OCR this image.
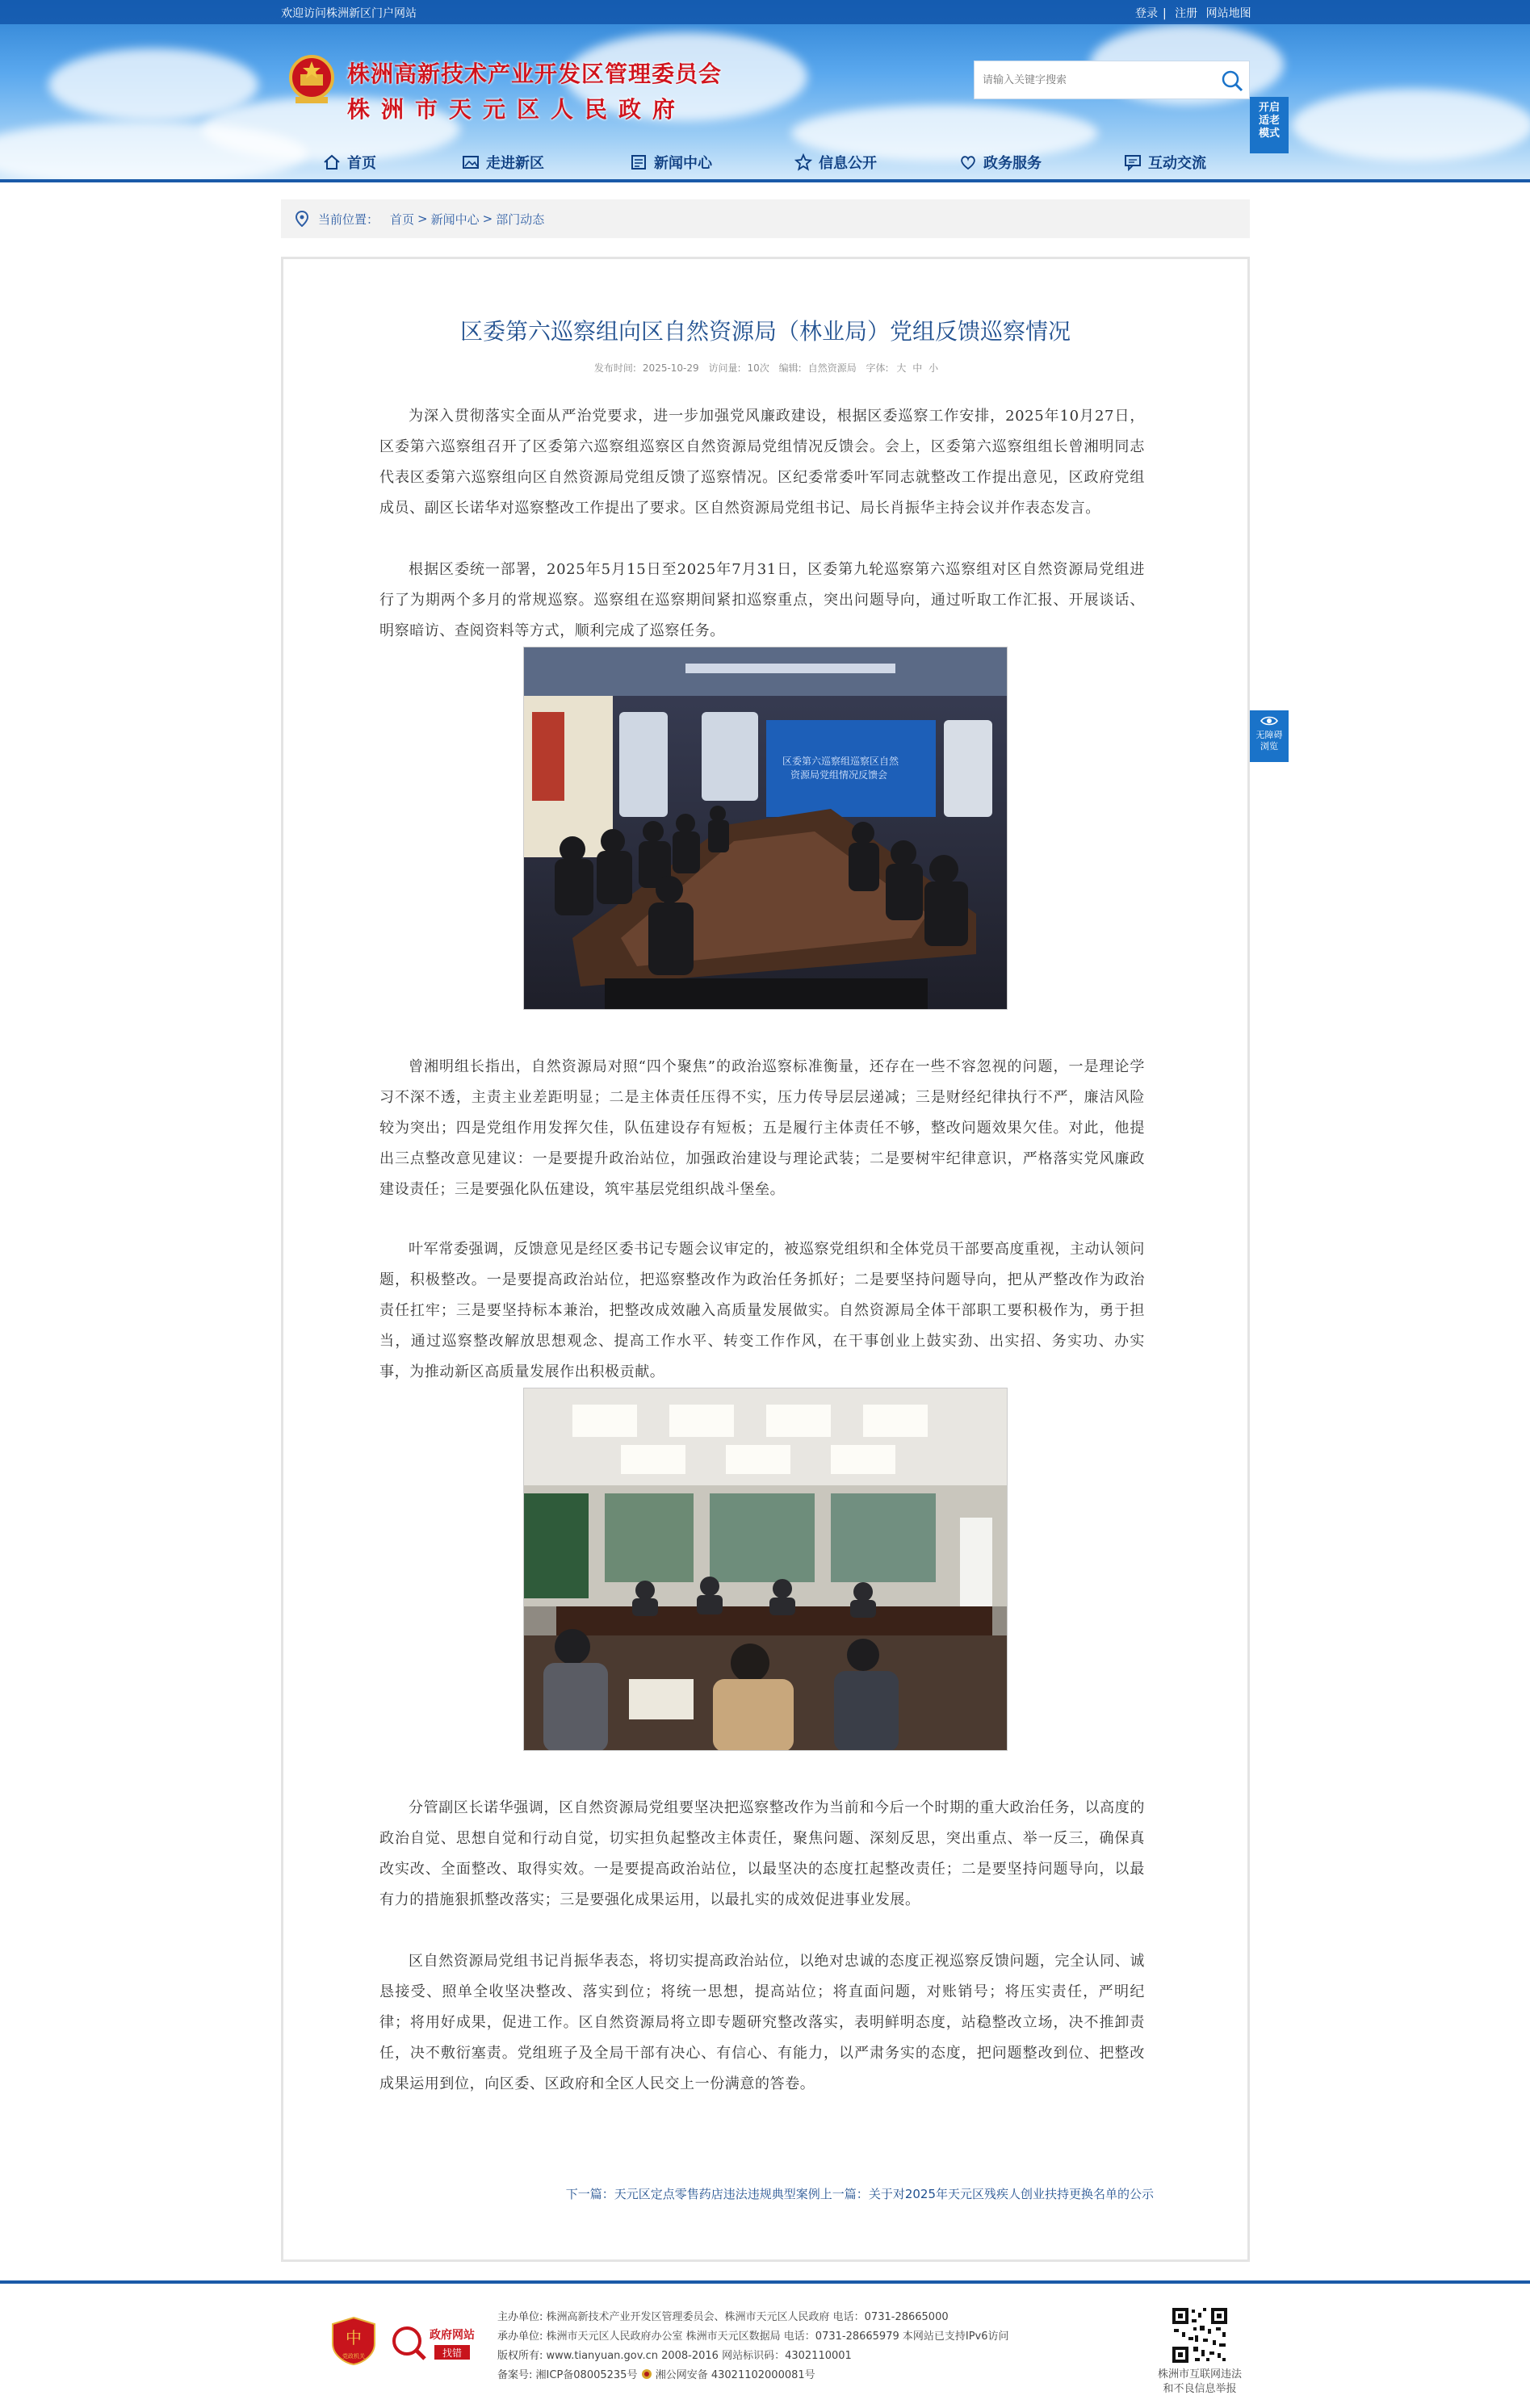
欢迎访问株洲新区门户网站	登录 | 注册 网站地图
株洲高新技术产业开发区管理委员会
株洲市天元区人民政府
请输入关键字搜索
首页	走进新区	新闻中心	信息公开	政务服务	互动交流
开启
适老
模式
当前位置： 首页 > 新闻中心 > 部门动态
区委第六巡察组向区自然资源局（林业局）党组反馈巡察情况
发布时间: 2025-10-29 访问量: 10次 编辑: 自然资源局 字体: 大 中 小
为深入贯彻落实全面从严治党要求，进一步加强党风廉政建设，根据区委巡察工作安排，2025年10月27日，区委第六巡察组召开了区委第六巡察组巡察区自然资源局党组情况反馈会。会上，区委第六巡察组组长曾湘明同志代表区委第六巡察组向区自然资源局党组反馈了巡察情况。区纪委常委叶军同志就整改工作提出意见，区政府党组成员、副区长诺华对巡察整改工作提出了要求。区自然资源局党组书记、局长肖振华主持会议并作表态发言。
根据区委统一部署，2025年5月15日至2025年7月31日，区委第九轮巡察第六巡察组对区自然资源局党组进行了为期两个多月的常规巡察。巡察组在巡察期间紧扣巡察重点，突出问题导向，通过听取工作汇报、开展谈话、明察暗访、查阅资料等方式，顺利完成了巡察任务。
区委第六巡察组巡察区自然
资源局党组情况反馈会
曾湘明组长指出，自然资源局对照“四个聚焦”的政治巡察标准衡量，还存在一些不容忽视的问题，一是理论学习不深不透，主责主业差距明显；二是主体责任压得不实，压力传导层层递减；三是财经纪律执行不严，廉洁风险较为突出；四是党组作用发挥欠佳，队伍建设存有短板；五是履行主体责任不够，整改问题效果欠佳。对此，他提出三点整改意见建议：一是要提升政治站位，加强政治建设与理论武装；二是要树牢纪律意识，严格落实党风廉政建设责任；三是要强化队伍建设，筑牢基层党组织战斗堡垒。
叶军常委强调，反馈意见是经区委书记专题会议审定的，被巡察党组织和全体党员干部要高度重视，主动认领问题，积极整改。一是要提高政治站位，把巡察整改作为政治任务抓好；二是要坚持问题导向，把从严整改作为政治责任扛牢；三是要坚持标本兼治，把整改成效融入高质量发展做实。自然资源局全体干部职工要积极作为，勇于担当，通过巡察整改解放思想观念、提高工作水平、转变工作作风，在干事创业上鼓实劲、出实招、务实功、办实事，为推动新区高质量发展作出积极贡献。
分管副区长诺华强调，区自然资源局党组要坚决把巡察整改作为当前和今后一个时期的重大政治任务，以高度的政治自觉、思想自觉和行动自觉，切实担负起整改主体责任，聚焦问题、深刻反思，突出重点、举一反三，确保真改实改、全面整改、取得实效。一是要提高政治站位，以最坚决的态度扛起整改责任；二是要坚持问题导向，以最有力的措施狠抓整改落实；三是要强化成果运用，以最扎实的成效促进事业发展。
区自然资源局党组书记肖振华表态，将切实提高政治站位，以绝对忠诚的态度正视巡察反馈问题，完全认同、诚恳接受、照单全收坚决整改、落实到位；将统一思想，提高站位；将直面问题，对账销号；将压实责任，严明纪律；将用好成果，促进工作。区自然资源局将立即专题研究整改落实，表明鲜明态度，站稳整改立场，决不推卸责任，决不敷衍塞责。党组班子及全局干部有决心、有信心、有能力，以严肃务实的态度，把问题整改到位、把整改成果运用到位，向区委、区政府和全区人民交上一份满意的答卷。
下一篇：天元区定点零售药店违法违规典型案例上一篇：关于对2025年天元区残疾人创业扶持更换名单的公示
无障碍
浏览
中
党政机关
政府网站
找错
主办单位: 株洲高新技术产业开发区管理委员会、株洲市天元区人民政府 电话：0731-28665000
承办单位: 株洲市天元区人民政府办公室 株洲市天元区数据局 电话：0731-28665979 本网站已支持IPv6访问
版权所有: www.tianyuan.gov.cn 2008-2016 网站标识码：4302110001
备案号: 湘ICP备08005235号 湘公网安备 43021102000081号	株洲市互联网违法
和不良信息举报
